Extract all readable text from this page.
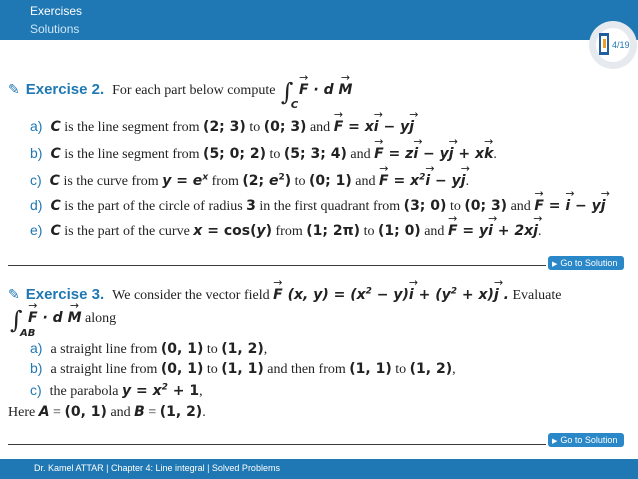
Exercises
Solutions
4/19
✎ Exercise 2. For each part below compute ∫
C
→ F · d → M
a) C is the line segment from (2; 3) to (0; 3) and → F = x→ i − y→ j
b) C is the line segment from (5; 0; 2) to (5; 3; 4) and → F = z→ i − y→ j + x→ k.
c) C is the curve from $y = e^x$ from (2; $e^2$) to (0; 1) and → $F = x^2\to i - y\to j$.
d) C is the part of the circle of radius 3 in the first quadrant from (3; 0) to (0; 3) and → F = → i − y→ j
e) C is the part of the curve x = cos(y) from (1; 2π) to (1; 0) and → F = y→ i + 2x→ j.
▶ Go to Solution
✎ Exercise 3. We consider the vector field → F (x, $y) = (x^2 - y)\to i + (y^2 + x)\to j$ . Evaluate
∫
AB
→ F · d → M along
a) a straight line from (0, 1) to (1, 2),
b) a straight line from (0, 1) to (1, 1) and then from (1, 1) to (1, 2),
c) the parabola $y = x^2 + 1$,
Here A = (0, 1) and B = (1, 2).
▶ Go to Solution
Dr. Kamel ATTAR | Chapter 4: Line integral | Solved Problems
